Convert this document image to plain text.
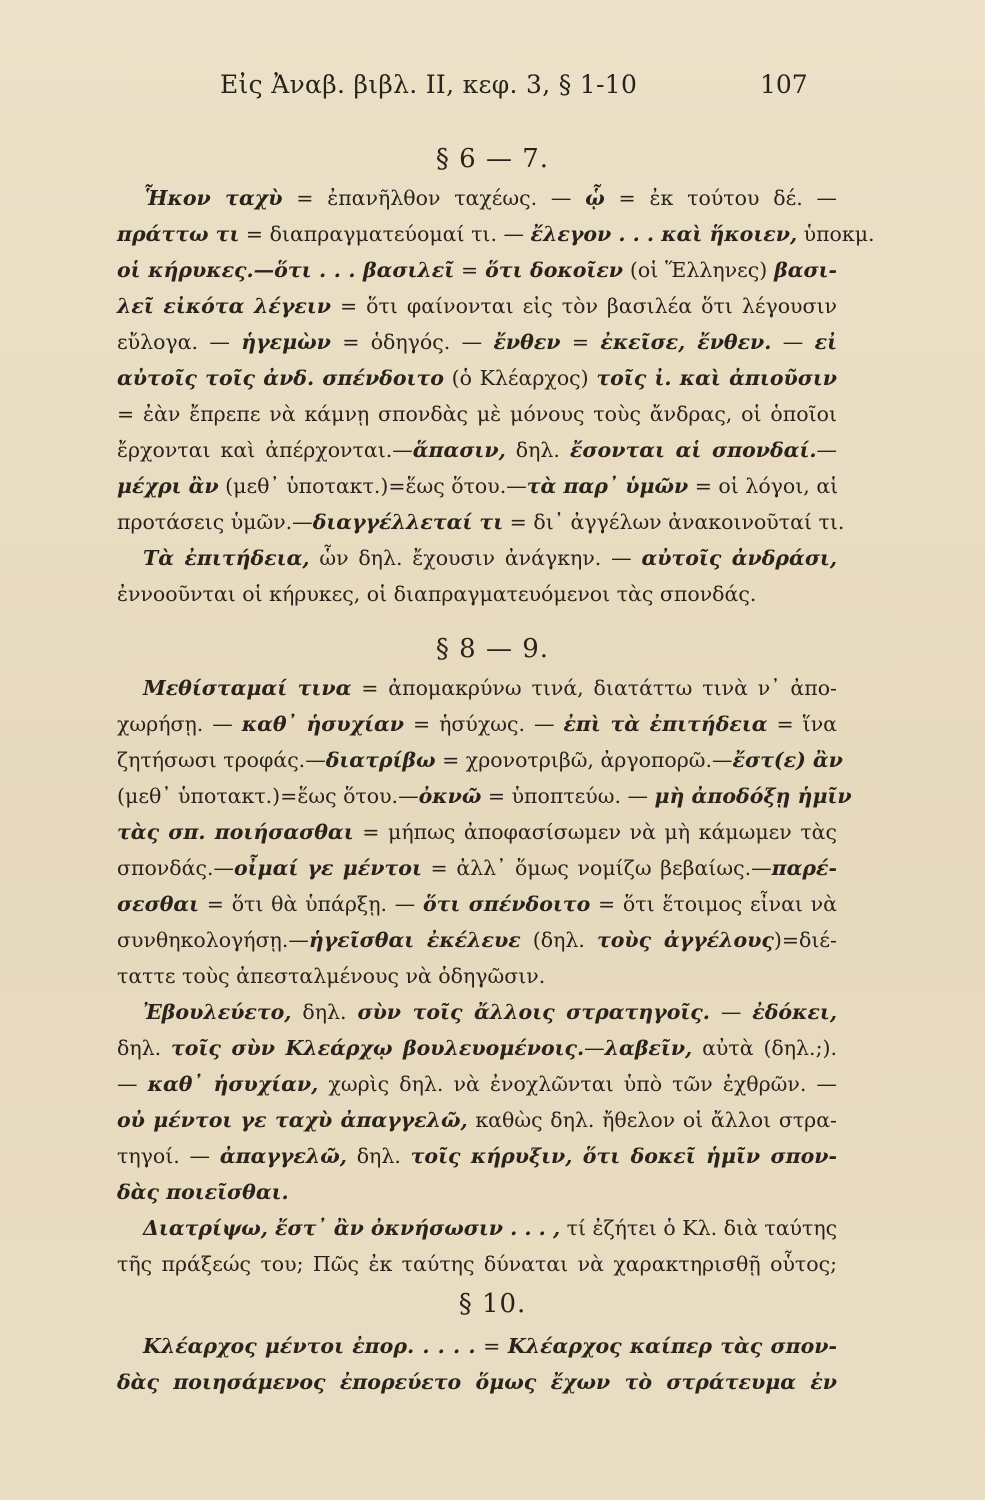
Εἰς Ἀναβ. βιβλ. ΙΙ, κεφ. 3, § 1-10	107
§ 6 — 7.
§ 8 — 9.
§ 10.
Ἧκον ταχὺ = ἐπανῆλθον ταχέως. — ᾧ = ἐκ τούτου δέ. —
πράττω τι = διαπραγματεύομαί τι. — ἔλεγον . . . καὶ ἥκοιεν, ὑποκμ.
οἱ κήρυκες.—ὅτι . . . βασιλεῖ = ὅτι δοκοῖεν (οἱ Ἕλληνες) βασι-
λεῖ εἰκότα λέγειν = ὅτι φαίνονται εἰς τὸν βασιλέα ὅτι λέγουσιν
εὔλογα. — ἡγεμὼν = ὁδηγός. — ἔνθεν = ἐκεῖσε, ἔνθεν. — εἰ
αὐτοῖς τοῖς ἀνδ. σπένδοιτο (ὁ Κλέαρχος) τοῖς ἰ. καὶ ἀπιοῦσιν
= ἐὰν ἔπρεπε νὰ κάμνῃ σπονδὰς μὲ μόνους τοὺς ἄνδρας, οἱ ὁποῖοι
ἔρχονται καὶ ἀπέρχονται.—ἅπασιν, δηλ. ἔσονται αἱ σπονδαί.—
μέχρι ἂν (μεθ᾽ ὑποτακτ.)=ἕως ὅτου.—τὰ παρ᾽ ὑμῶν = οἱ λόγοι, αἱ
προτάσεις ὑμῶν.—διαγγέλλεταί τι = δι᾽ ἀγγέλων ἀνακοινοῦταί τι.
Τὰ ἐπιτήδεια, ὧν δηλ. ἔχουσιν ἀνάγκην. — αὐτοῖς ἀνδράσι,
ἐννοοῦνται οἱ κήρυκες, οἱ διαπραγματευόμενοι τὰς σπονδάς.
Μεθίσταμαί τινα = ἀπομακρύνω τινά, διατάττω τινὰ ν᾽ ἀπο-
χωρήσῃ. — καθ᾽ ἡσυχίαν = ἡσύχως. — ἐπὶ τὰ ἐπιτήδεια = ἵνα
ζητήσωσι τροφάς.—διατρίβω = χρονοτριβῶ, ἀργοπορῶ.—ἔστ(ε) ἂν
(μεθ᾽ ὑποτακτ.)=ἕως ὅτου.—ὀκνῶ = ὑποπτεύω. — μὴ ἀποδόξῃ ἡμῖν
τὰς σπ. ποιήσασθαι = μήπως ἀποφασίσωμεν νὰ μὴ κάμωμεν τὰς
σπονδάς.—οἶμαί γε μέντοι = ἀλλ᾽ ὅμως νομίζω βεβαίως.—παρέ-
σεσθαι = ὅτι θὰ ὑπάρξῃ. — ὅτι σπένδοιτο = ὅτι ἕτοιμος εἶναι νὰ
συνθηκολογήσῃ.—ἡγεῖσθαι ἐκέλευε (δηλ. τοὺς ἀγγέλους)=διέ-
ταττε τοὺς ἀπεσταλμένους νὰ ὁδηγῶσιν.
Ἐβουλεύετο, δηλ. σὺν τοῖς ἄλλοις στρατηγοῖς. — ἐδόκει,
δηλ. τοῖς σὺν Κλεάρχῳ βουλευομένοις.—λαβεῖν, αὐτὰ (δηλ.;).
— καθ᾽ ἡσυχίαν, χωρὶς δηλ. νὰ ἐνοχλῶνται ὑπὸ τῶν ἐχθρῶν. —
οὐ μέντοι γε ταχὺ ἀπαγγελῶ, καθὼς δηλ. ἤθελον οἱ ἄλλοι στρα-
τηγοί. — ἀπαγγελῶ, δηλ. τοῖς κήρυξιν, ὅτι δοκεῖ ἡμῖν σπον-
δὰς ποιεῖσθαι.
Διατρίψω, ἔστ᾽ ἂν ὀκνήσωσιν . . . , τί ἐζήτει ὁ Κλ. διὰ ταύτης
τῆς πράξεώς του; Πῶς ἐκ ταύτης δύναται νὰ χαρακτηρισθῇ οὗτος;
Κλέαρχος μέντοι ἐπορ. . . . . = Κλέαρχος καίπερ τὰς σπον-
δὰς ποιησάμενος ἐπορεύετο ὅμως ἔχων τὸ στράτευμα ἐν
